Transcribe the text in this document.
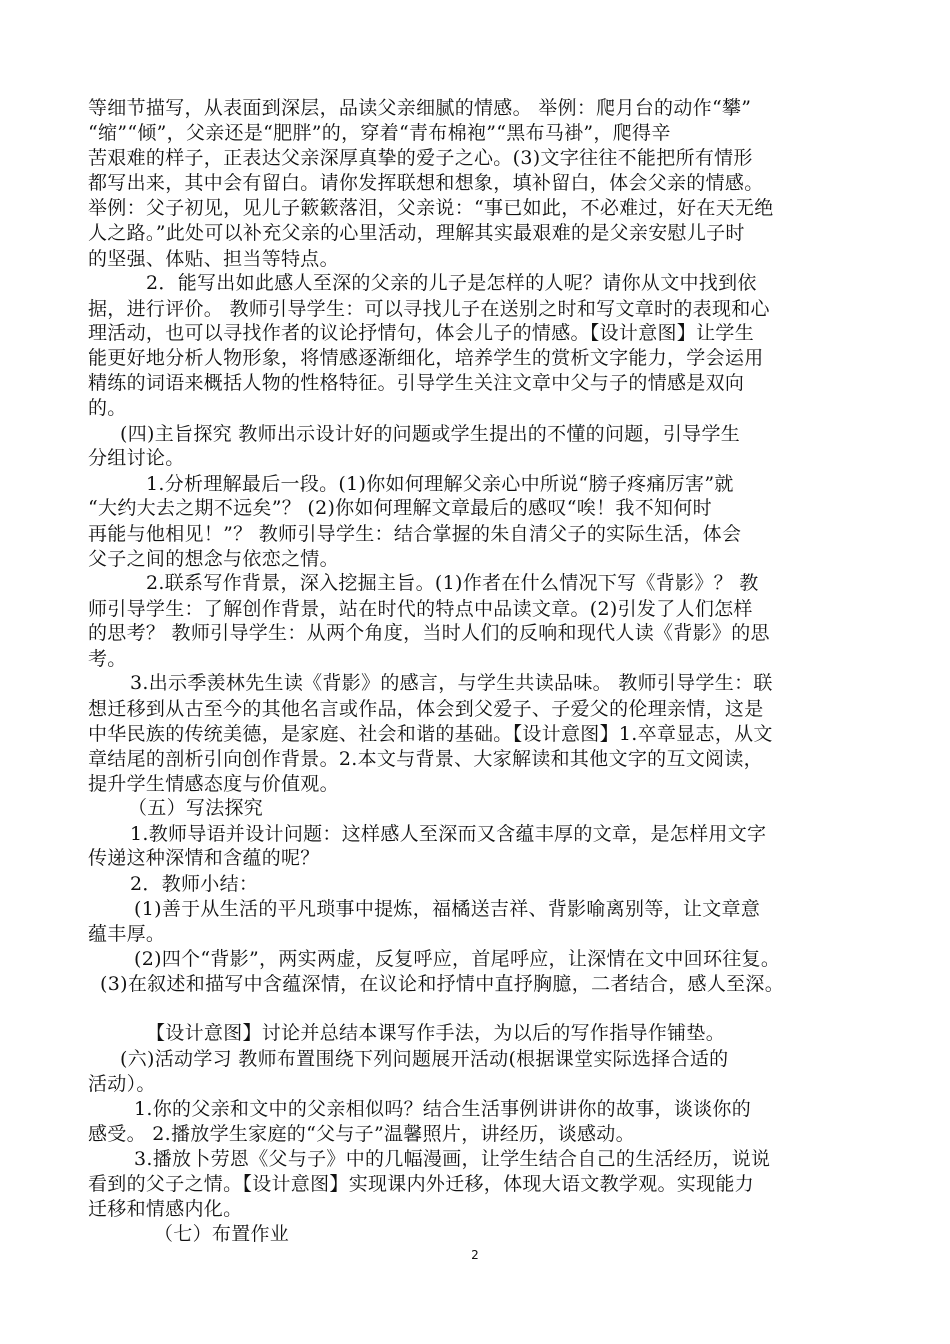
等细节描写，从表面到深层，品读父亲细腻的情感。 举例：爬月台的动作“攀”
“缩”“倾”，父亲还是“肥胖”的，穿着“青布棉袍”“黑布马褂”，爬得辛
苦艰难的样子，正表达父亲深厚真挚的爱子之心。(3)文字往往不能把所有情形
都写出来，其中会有留白。请你发挥联想和想象，填补留白，体会父亲的情感。
举例：父子初见，见儿子簌簌落泪，父亲说：“事已如此，不必难过，好在天无绝
人之路。”此处可以补充父亲的心里活动，理解其实最艰难的是父亲安慰儿子时
的坚强、体贴、担当等特点。
2．能写出如此感人至深的父亲的儿子是怎样的人呢？请你从文中找到依
据，进行评价。 教师引导学生：可以寻找儿子在送别之时和写文章时的表现和心
理活动，也可以寻找作者的议论抒情句，体会儿子的情感。【设计意图】让学生
能更好地分析人物形象，将情感逐渐细化，培养学生的赏析文字能力，学会运用
精练的词语来概括人物的性格特征。引导学生关注文章中父与子的情感是双向
的。
(四)主旨探究 教师出示设计好的问题或学生提出的不懂的问题，引导学生
分组讨论。
1.分析理解最后一段。(1)你如何理解父亲心中所说“膀子疼痛厉害”就
“大约大去之期不远矣”？ (2)你如何理解文章最后的感叹“唉！我不知何时
再能与他相见！”？ 教师引导学生：结合掌握的朱自清父子的实际生活，体会
父子之间的想念与依恋之情。
2.联系写作背景，深入挖掘主旨。(1)作者在什么情况下写《背影》？ 教
师引导学生：了解创作背景，站在时代的特点中品读文章。(2)引发了人们怎样
的思考？ 教师引导学生：从两个角度，当时人们的反响和现代人读《背影》的思
考。
3.出示季羡林先生读《背影》的感言，与学生共读品味。 教师引导学生：联
想迁移到从古至今的其他名言或作品，体会到父爱子、子爱父的伦理亲情，这是
中华民族的传统美德，是家庭、社会和谐的基础。【设计意图】1.卒章显志，从文
章结尾的剖析引向创作背景。2.本文与背景、大家解读和其他文字的互文阅读，
提升学生情感态度与价值观。
（五）写法探究
1.教师导语并设计问题：这样感人至深而又含蕴丰厚的文章，是怎样用文字
传递这种深情和含蕴的呢？
2．教师小结：
(1)善于从生活的平凡琐事中提炼，福橘送吉祥、背影喻离别等，让文章意
蕴丰厚。
(2)四个“背影”，两实两虚，反复呼应，首尾呼应，让深情在文中回环往复。
(3)在叙述和描写中含蕴深情，在议论和抒情中直抒胸臆，二者结合，感人至深。
【设计意图】讨论并总结本课写作手法，为以后的写作指导作铺垫。
(六)活动学习 教师布置围绕下列问题展开活动(根据课堂实际选择合适的
活动）。
1.你的父亲和文中的父亲相似吗？结合生活事例讲讲你的故事，谈谈你的
感受。 2.播放学生家庭的“父与子”温馨照片，讲经历，谈感动。
3.播放卜劳恩《父与子》中的几幅漫画，让学生结合自己的生活经历，说说
看到的父子之情。【设计意图】实现课内外迁移，体现大语文教学观。实现能力
迁移和情感内化。
（七）布置作业
2
